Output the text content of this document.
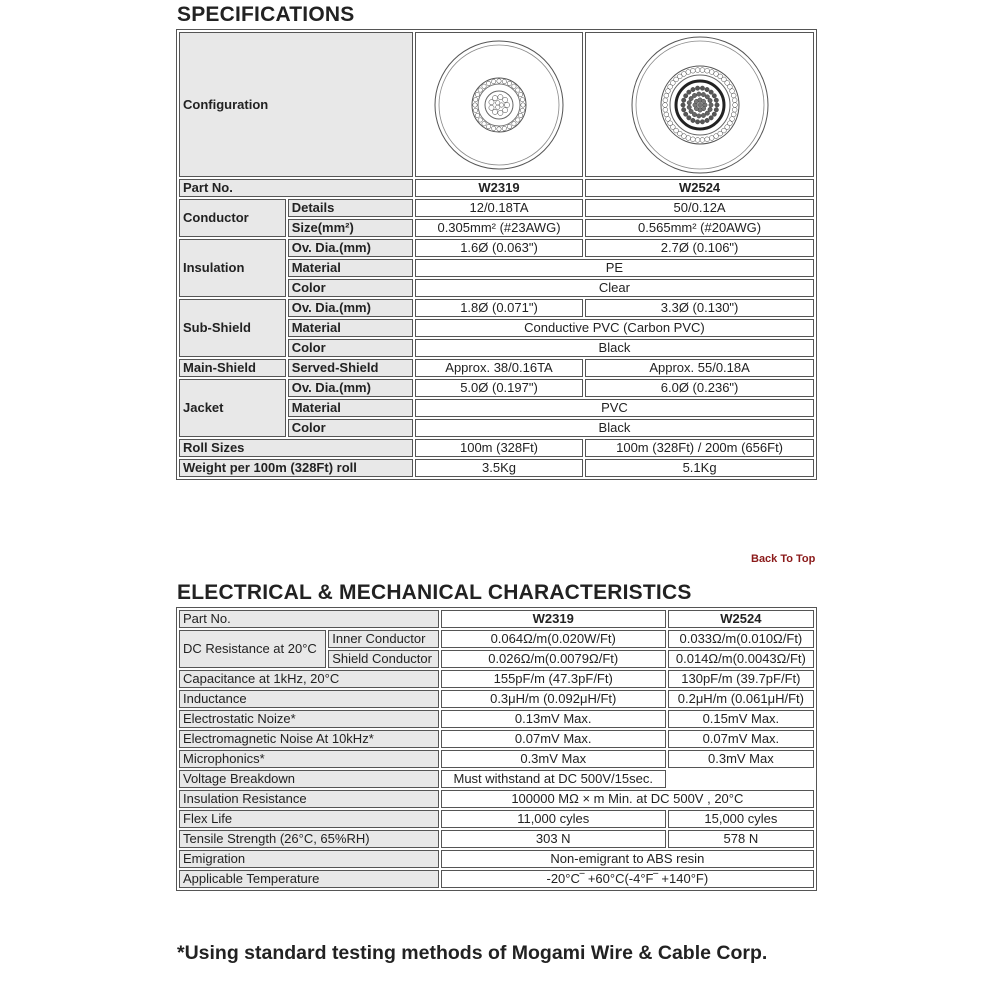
SPECIFICATIONS
Configuration	

Part No.		W2319	W2524
Conductor	Details	12/0.18TA	50/0.12A
	Size(mm²)	0.305mm² (#23AWG)	0.565mm² (#20AWG)
Insulation	Ov. Dia.(mm)	1.6Ø (0.063")	2.7Ø (0.106")
	Material	PE	
	Color	Clear	
Sub-Shield	Ov. Dia.(mm)	1.8Ø (0.071")	3.3Ø (0.130")
	Material	Conductive PVC (Carbon PVC)	
	Color	Black	
Main-Shield	Served-Shield	Approx. 38/0.16TA	Approx. 55/0.18A
Jacket	Ov. Dia.(mm)	5.0Ø (0.197")	6.0Ø (0.236")
	Material	PVC	
	Color	Black	
Roll Sizes		100m (328Ft)	100m (328Ft) / 200m (656Ft)
Weight per 100m (328Ft) roll		3.5Kg	5.1Kg
Back To Top
ELECTRICAL & MECHANICAL CHARACTERISTICS
Part No.		W2319	W2524
DC Resistance at 20°C	Inner Conductor	0.064Ω/m(0.020W/Ft)	0.033Ω/m(0.010Ω/Ft)
	Shield Conductor	0.026Ω/m(0.0079Ω/Ft)	0.014Ω/m(0.0043Ω/Ft)
Capacitance at 1kHz, 20°C		155pF/m (47.3pF/Ft)	130pF/m (39.7pF/Ft)
Inductance		0.3μH/m (0.092μH/Ft)	0.2μH/m (0.061μH/Ft)
Electrostatic Noize*		0.13mV Max.	0.15mV Max.
Electromagnetic Noise At 10kHz*		0.07mV Max.	0.07mV Max.
Microphonics*		0.3mV Max	0.3mV Max
Voltage Breakdown		Must withstand at DC 500V/15sec.	
Insulation Resistance		100000 MΩ × m Min. at DC 500V , 20°C	
Flex Life		11,000 cyles	15,000 cyles
Tensile Strength (26°C, 65%RH)		303 N	578 N
Emigration		Non-emigrant to ABS resin	
Applicable Temperature		-20°C‾ +60°C(-4°F‾ +140°F)	
*Using standard testing methods of Mogami Wire & Cable Corp.
